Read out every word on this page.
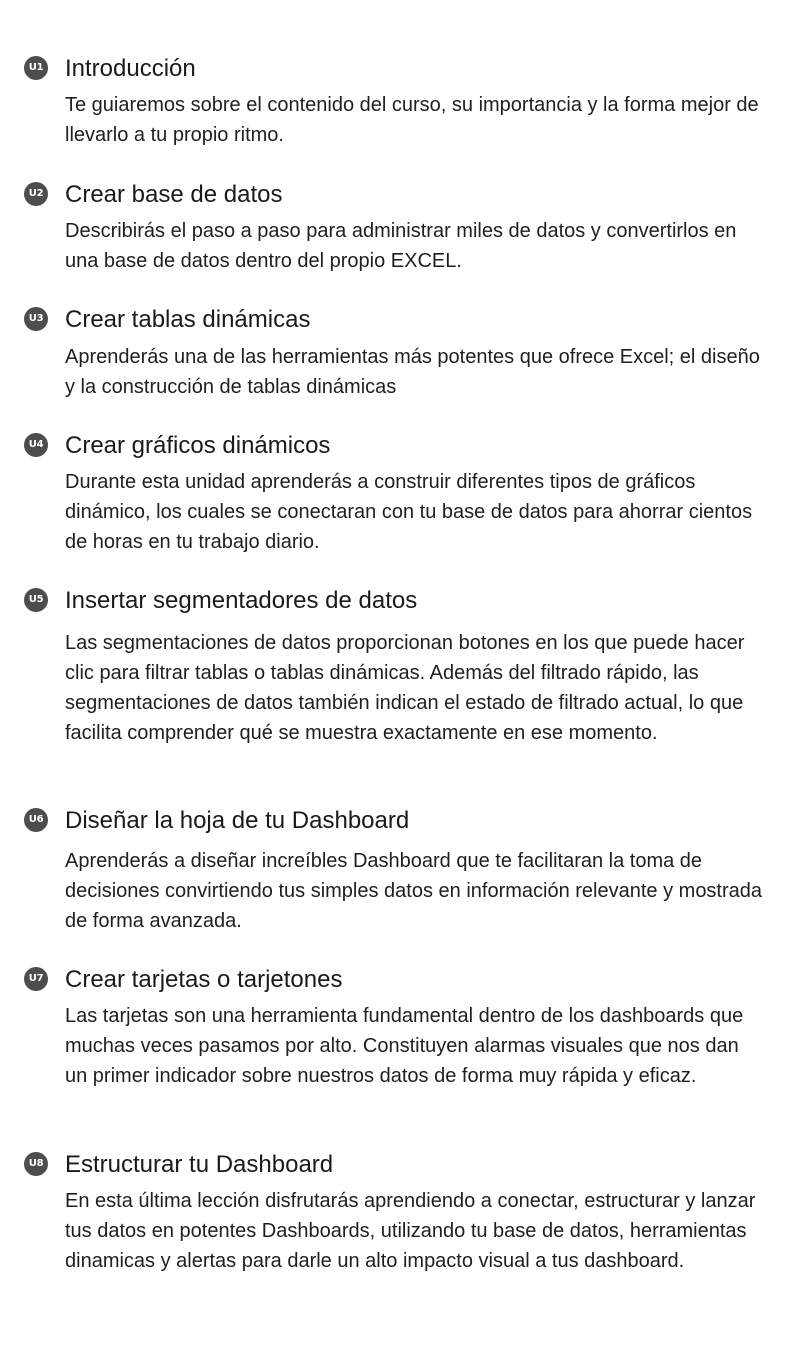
U1 Introducción

Te guiaremos sobre el contenido del curso, su importancia y la forma mejor de llevarlo a tu propio ritmo.

U2 Crear base de datos

Describirás el paso a paso para administrar miles de datos y convertirlos en una base de datos dentro del propio EXCEL.

U3 Crear tablas dinámicas

Aprenderás una de las herramientas más potentes que ofrece Excel; el diseño y la construcción de tablas dinámicas

U4 Crear gráficos dinámicos

Durante esta unidad aprenderás a construir diferentes tipos de gráficos dinámico, los cuales se conectaran con tu base de datos para ahorrar cientos de horas en tu trabajo diario.

U5 Insertar segmentadores de datos

Las segmentaciones de datos proporcionan botones en los que puede hacer clic para filtrar tablas o tablas dinámicas. Además del filtrado rápido, las segmentaciones de datos también indican el estado de filtrado actual, lo que facilita comprender qué se muestra exactamente en ese momento.

U6 Diseñar la hoja de tu Dashboard

Aprenderás a diseñar increíbles Dashboard que te facilitaran la toma de decisiones convirtiendo tus simples datos en información relevante y mostrada de forma avanzada.

U7 Crear tarjetas o tarjetones

Las tarjetas son una herramienta fundamental dentro de los dashboards que muchas veces pasamos por alto. Constituyen alarmas visuales que nos dan un primer indicador sobre nuestros datos de forma muy rápida y eficaz.

U8 Estructurar tu Dashboard

En esta última lección disfrutarás aprendiendo a conectar, estructurar y lanzar tus datos en potentes Dashboards, utilizando tu base de datos, herramientas dinamicas y alertas para darle un alto impacto visual a tus dashboard.
